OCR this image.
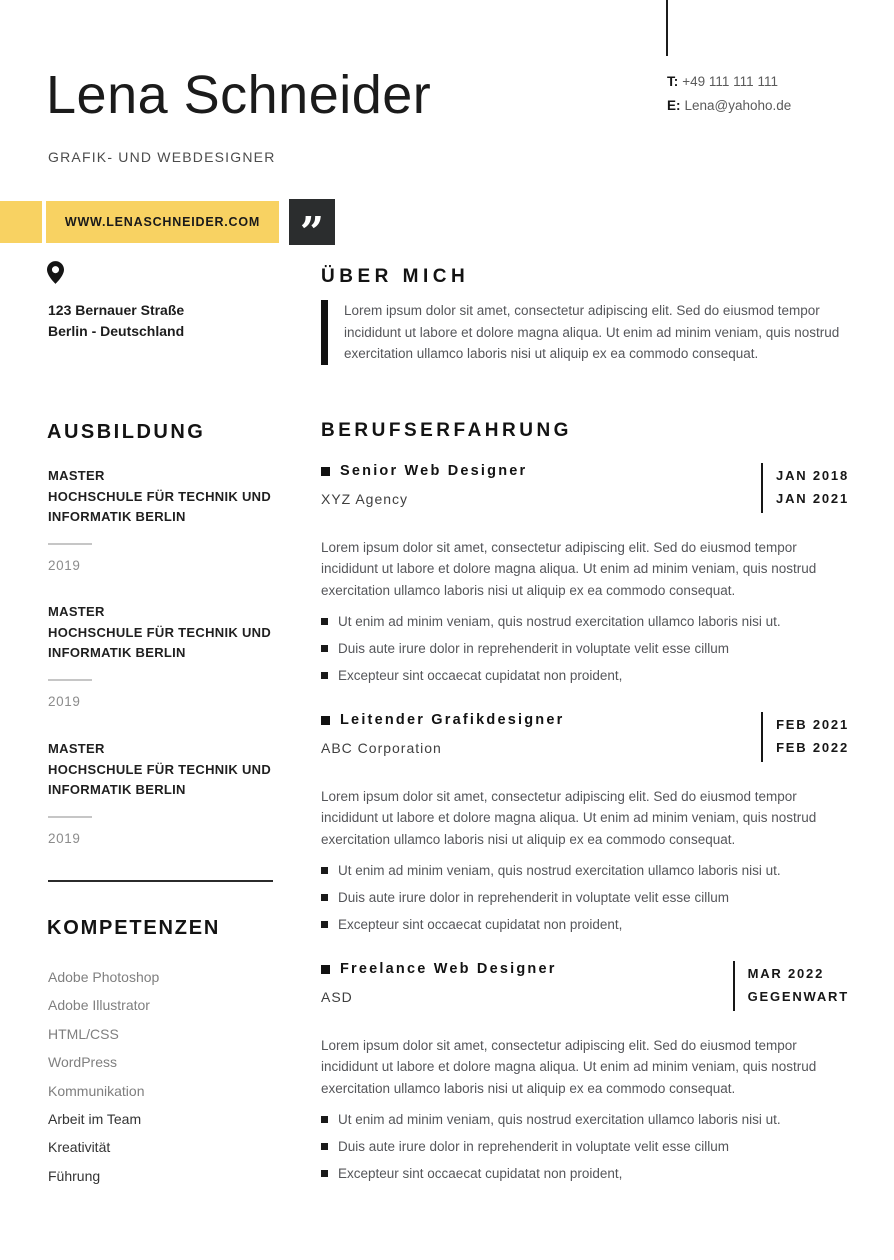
Lena Schneider
GRAFIK- UND WEBDESIGNER
T: +49 111 111 111
E: Lena@yahoho.de
WWW.LENASCHNEIDER.COM ”
123 Bernauer Straße
Berlin - Deutschland
AUSBILDUNG
MASTER
HOCHSCHULE FÜR TECHNIK UND INFORMATIK BERLIN
2019
MASTER
HOCHSCHULE FÜR TECHNIK UND INFORMATIK BERLIN
2019
MASTER
HOCHSCHULE FÜR TECHNIK UND INFORMATIK BERLIN
2019
KOMPETENZEN
Adobe Photoshop
Adobe Illustrator
HTML/CSS
WordPress
Kommunikation
Arbeit im Team
Kreativität
Führung
ÜBER MICH
Lorem ipsum dolor sit amet, consectetur adipiscing elit. Sed do eiusmod tempor incididunt ut labore et dolore magna aliqua. Ut enim ad minim veniam, quis nostrud exercitation ullamco laboris nisi ut aliquip ex ea commodo consequat.
BERUFSERFAHRUNG
Senior Web Designer
XYZ Agency
JAN 2018
JAN 2021
Lorem ipsum dolor sit amet, consectetur adipiscing elit. Sed do eiusmod tempor incididunt ut labore et dolore magna aliqua. Ut enim ad minim veniam, quis nostrud exercitation ullamco laboris nisi ut aliquip ex ea commodo consequat.
Ut enim ad minim veniam, quis nostrud exercitation ullamco laboris nisi ut.
Duis aute irure dolor in reprehenderit in voluptate velit esse cillum
Excepteur sint occaecat cupidatat non proident,
Leitender Grafikdesigner
ABC Corporation
FEB 2021
FEB 2022
Lorem ipsum dolor sit amet, consectetur adipiscing elit. Sed do eiusmod tempor incididunt ut labore et dolore magna aliqua. Ut enim ad minim veniam, quis nostrud exercitation ullamco laboris nisi ut aliquip ex ea commodo consequat.
Ut enim ad minim veniam, quis nostrud exercitation ullamco laboris nisi ut.
Duis aute irure dolor in reprehenderit in voluptate velit esse cillum
Excepteur sint occaecat cupidatat non proident,
Freelance Web Designer
ASD
MAR 2022
GEGENWART
Lorem ipsum dolor sit amet, consectetur adipiscing elit. Sed do eiusmod tempor incididunt ut labore et dolore magna aliqua. Ut enim ad minim veniam, quis nostrud exercitation ullamco laboris nisi ut aliquip ex ea commodo consequat.
Ut enim ad minim veniam, quis nostrud exercitation ullamco laboris nisi ut.
Duis aute irure dolor in reprehenderit in voluptate velit esse cillum
Excepteur sint occaecat cupidatat non proident,
